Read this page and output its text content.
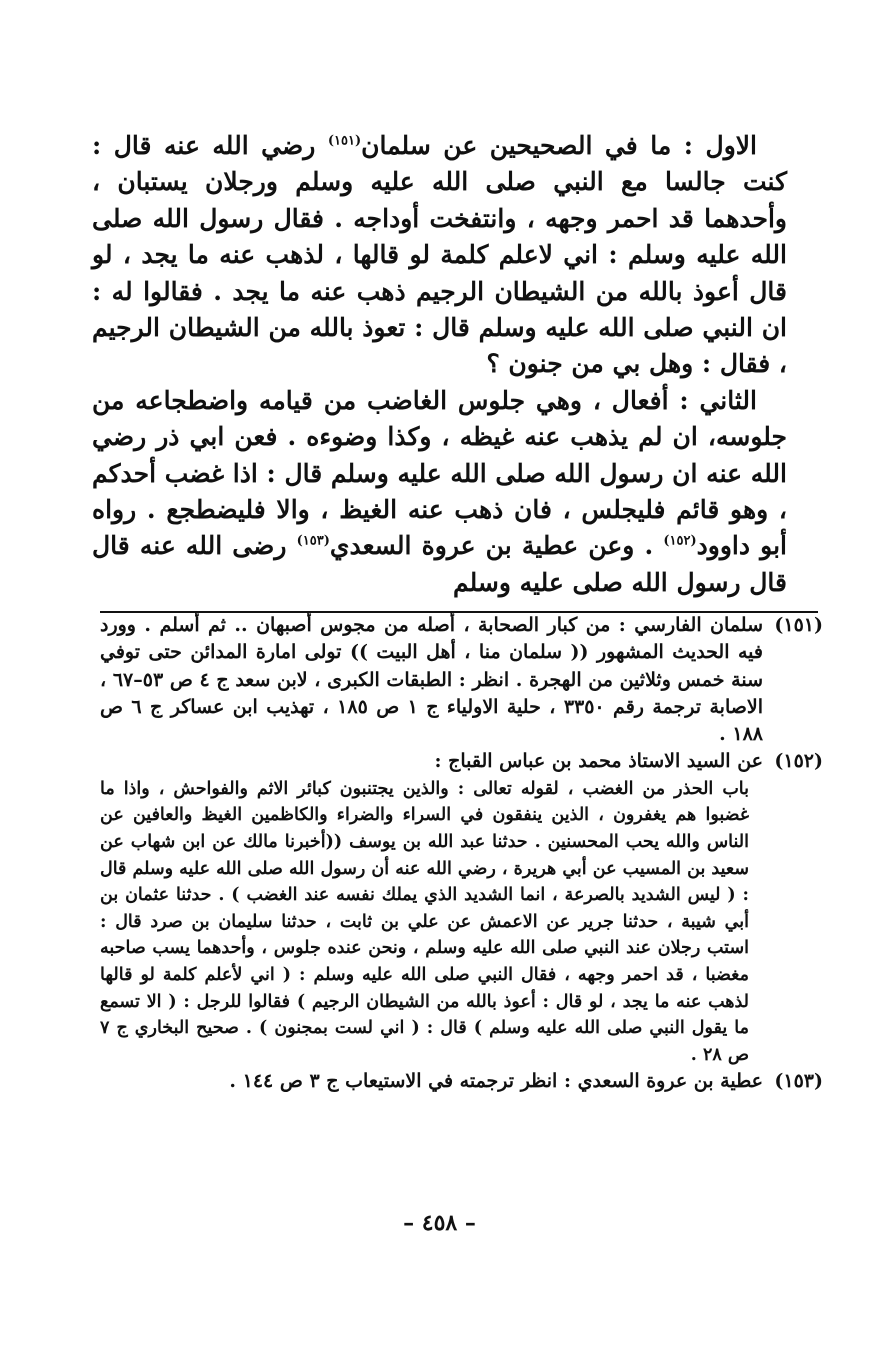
الاول : ما في الصحيحين عن سلمان$^{(١٥١)}$ رضي الله عنه قال : كنت جالسا مع النبي صلى الله عليه وسلم ورجلان يستبان ، وأحدهما قد احمر وجهه ، وانتفخت أوداجه . فقال رسول الله صلى الله عليه وسلم : اني لاعلم كلمة لو قالها ، لذهب عنه ما يجد ، لو قال أعوذ بالله من الشيطان الرجيم ذهب عنه ما يجد . فقالوا له : ان النبي صلى الله عليه وسلم قال : تعوذ بالله من الشيطان الرجيم ، فقال : وهل بي من جنون ؟

الثاني : أفعال ، وهي جلوس الغاضب من قيامه واضطجاعه من جلوسه، ان لم يذهب عنه غيظه ، وكذا وضوءه . فعن ابي ذر رضي الله عنه ان رسول الله صلى الله عليه وسلم قال : اذا غضب أحدكم ، وهو قائم فليجلس ، فان ذهب عنه الغيظ ، والا فليضطجع . رواه أبو داوود$^{(١٥٢)}$ . وعن عطية بن عروة السعدي$^{(١٥٣)}$ رضى الله عنه قال قال رسول الله صلى عليه وسلم

(١٥١)

سلمان الفارسي : من كبار الصحابة ، أصله من مجوس أصبهان .. ثم أسلم . وورد فيه الحديث المشهور (( سلمان منا ، أهل البيت )) تولى امارة المدائن حتى توفي سنة خمس وثلاثين من الهجرة . انظر : الطبقات الكبرى ، لابن سعد ج ٤ ص ٥٣–٦٧ ، الاصابة ترجمة رقم ٣٣٥٠ ، حلية الاولياء ج ١ ص ١٨٥ ، تهذيب ابن عساكر ج ٦ ص ١٨٨ .

(١٥٢)

عن السيد الاستاذ محمد بن عباس القباج :

باب الحذر من الغضب ، لقوله تعالى : والذين يجتنبون كبائر الاثم والفواحش ، واذا ما غضبوا هم يغفرون ، الذين ينفقون في السراء والضراء والكاظمين الغيظ والعافين عن الناس والله يحب المحسنين . حدثنا عبد الله بن يوسف ((أخبرنا مالك عن ابن شهاب عن سعيد بن المسيب عن أبي هريرة ، رضي الله عنه أن رسول الله صلى الله عليه وسلم قال : ( ليس الشديد بالصرعة ، انما الشديد الذي يملك نفسه عند الغضب ) . حدثنا عثمان بن أبي شيبة ، حدثنا جرير عن الاعمش عن علي بن ثابت ، حدثنا سليمان بن صرد قال : استب رجلان عند النبي صلى الله عليه وسلم ، ونحن عنده جلوس ، وأحدهما يسب صاحبه مغضبا ، قد احمر وجهه ، فقال النبي صلى الله عليه وسلم : ( اني لأعلم كلمة لو قالها لذهب عنه ما يجد ، لو قال : أعوذ بالله من الشيطان الرجيم ) فقالوا للرجل : ( الا تسمع ما يقول النبي صلى الله عليه وسلم ) قال : ( اني لست بمجنون ) . صحيح البخاري ج ٧ ص ٢٨ .

(١٥٣)

عطية بن عروة السعدي : انظر ترجمته في الاستيعاب ج ٣ ص ١٤٤ .

– ٤٥٨ –
